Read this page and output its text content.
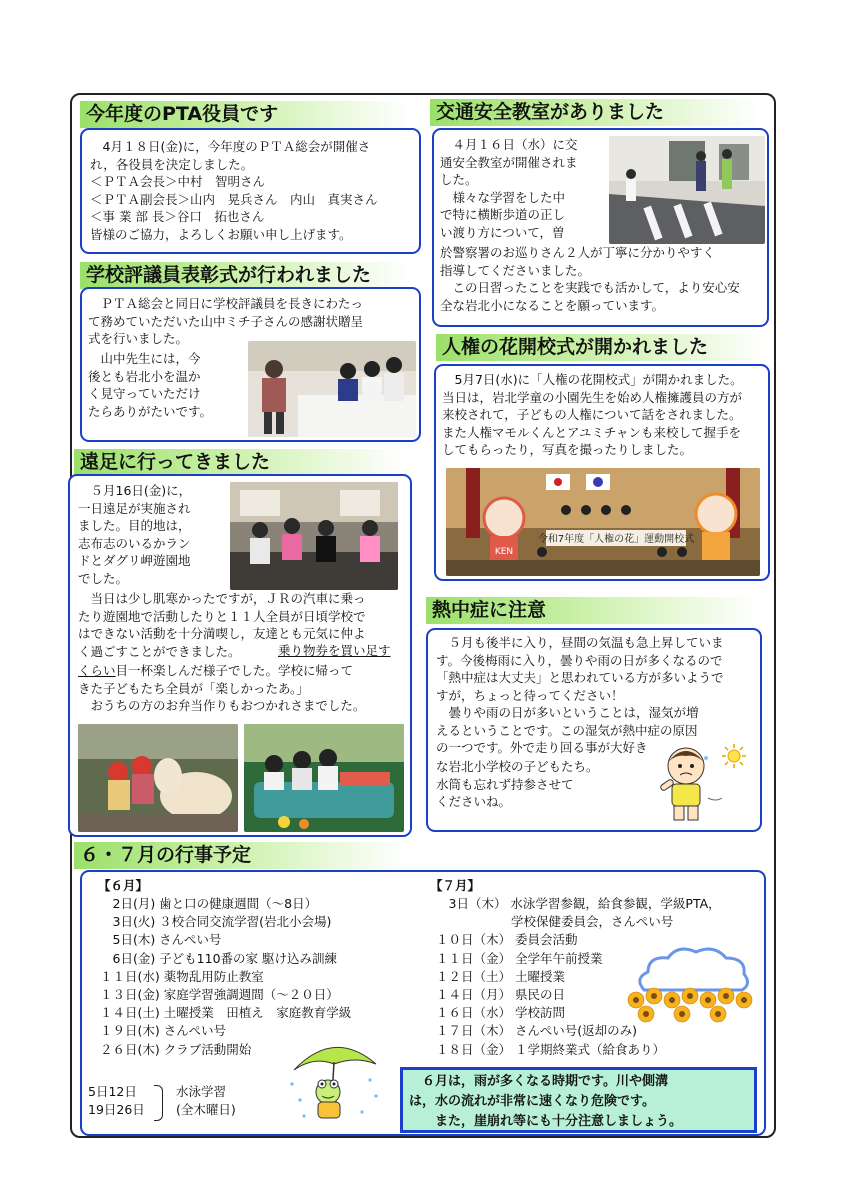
今年度のPTA役員です
　4月１８日(金)に，今年度のＰＴＡ総会が開催さ
れ，各役員を決定しました。
＜ＰＴＡ会長＞中村　智明さん
＜ＰＴＡ副会長＞山内　晃兵さん　内山　真実さん
＜事 業 部 長＞谷口　拓也さん
皆様のご協力，よろしくお願い申し上げます。
交通安全教室がありました
　４月１６日（水）に交
通安全教室が開催されま
した。
　様々な学習をした中
で特に横断歩道の正し
い渡り方について，曽
於警察署のお巡りさん２人が丁寧に分かりやすく
指導してくださいました。
　この日習ったことを実践でも活かして，より安心安
全な岩北小になることを願っています。
学校評議員表彰式が行われました
　ＰＴＡ総会と同日に学校評議員を長きにわたっ
て務めていただいた山中ミチ子さんの感謝状贈呈
式を行いました。
　山中先生には，今
後とも岩北小を温か
く見守っていただけ
たらありがたいです。
遠足に行ってきました
　５月16日(金)に，
一日遠足が実施され
ました。目的地は，
志布志のいるかラン
ドとダグリ岬遊園地
でした。
　当日は少し肌寒かったですが，ＪＲの汽車に乗っ
たり遊園地で活動したりと１１人全員が日頃学校で
はできない活動を十分満喫し，友達とも元気に仲よ
く過ごすことができました。	乗り物券を買い足す
くらい目一杯楽しんだ様子でした。学校に帰って
きた子どもたち全員が「楽しかったあ。」
　おうちの方のお弁当作りもおつかれさまでした。
人権の花開校式が開かれました
　5月7日(水)に「人権の花開校式」が開かれました。
当日は，岩北学童の小園先生を始め人権擁護員の方が
来校されて，子どもの人権について話をされました。
また人権マモルくんとアユミチャンも来校して握手を
してもらったり，写真を撮ったりしました。
令和7年度「人権の花」運動開校式
KEN
熱中症に注意
　５月も後半に入り，昼間の気温も急上昇していま
す。今後梅雨に入り，曇りや雨の日が多くなるので
「熱中症は大丈夫」と思われている方が多いようで
すが，ちょっと待ってください！
　曇りや雨の日が多いということは，湿気が増
えるということです。この湿気が熱中症の原因
の一つです。外で走り回る事が大好き
な岩北小学校の子どもたち。
水筒も忘れず持参させて
くださいね。
６・７月の行事予定
【６月】
　2日(月) 歯と口の健康週間（～8日）
　3日(火) ３校合同交流学習(岩北小会場)
　5日(木) さんぺい号
　6日(金) 子ども110番の家 駆け込み訓練
１１日(水) 薬物乱用防止教室
１３日(金) 家庭学習強調週間（～２０日）
１４日(土) 土曜授業　田植え　家庭教育学級
１９日(木) さんぺい号
２６日(木) クラブ活動開始
5日12日
19日26日
水泳学習
(全木曜日)
【７月】
　3日（木） 水泳学習参観，給食参観，学級PTA，
　　　　　　学校保健委員会，さんぺい号
１０日（木） 委員会活動
１１日（金） 全学年午前授業
１２日（土） 土曜授業
１４日（月） 県民の日
１６日（水） 学校訪問
１７日（木） さんぺい号(返却のみ)
１８日（金） １学期終業式（給食あり）
　６月は，雨が多くなる時期です。川や側溝
は，水の流れが非常に速くなり危険です。
　　また，崖崩れ等にも十分注意しましょう。
